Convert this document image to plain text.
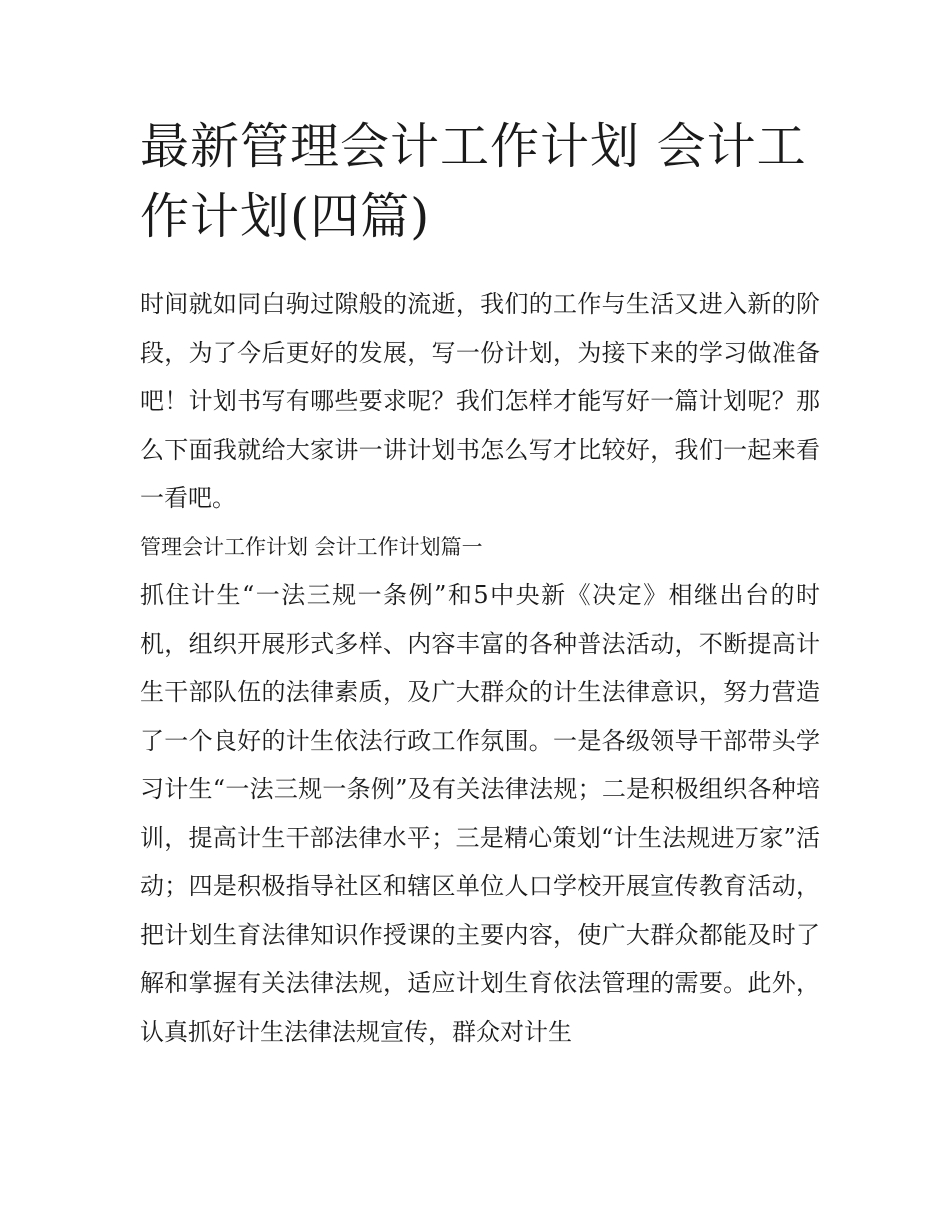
最新管理会计工作计划 会计工作计划(四篇)

时间就如同白驹过隙般的流逝，我们的工作与生活又进入新的阶段，为了今后更好的发展，写一份计划，为接下来的学习做准备吧！计划书写有哪些要求呢？我们怎样才能写好一篇计划呢？那么下面我就给大家讲一讲计划书怎么写才比较好，我们一起来看一看吧。

管理会计工作计划 会计工作计划篇一

抓住计生“一法三规一条例”和5中央新《决定》相继出台的时机，组织开展形式多样、内容丰富的各种普法活动，不断提高计生干部队伍的法律素质，及广大群众的计生法律意识，努力营造了一个良好的计生依法行政工作氛围。一是各级领导干部带头学习计生“一法三规一条例”及有关法律法规；二是积极组织各种培训，提高计生干部法律水平；三是精心策划“计生法规进万家”活动；四是积极指导社区和辖区单位人口学校开展宣传教育活动，把计划生育法律知识作授课的主要内容，使广大群众都能及时了解和掌握有关法律法规，适应计划生育依法管理的需要。此外，认真抓好计生法律法规宣传，群众对计生
